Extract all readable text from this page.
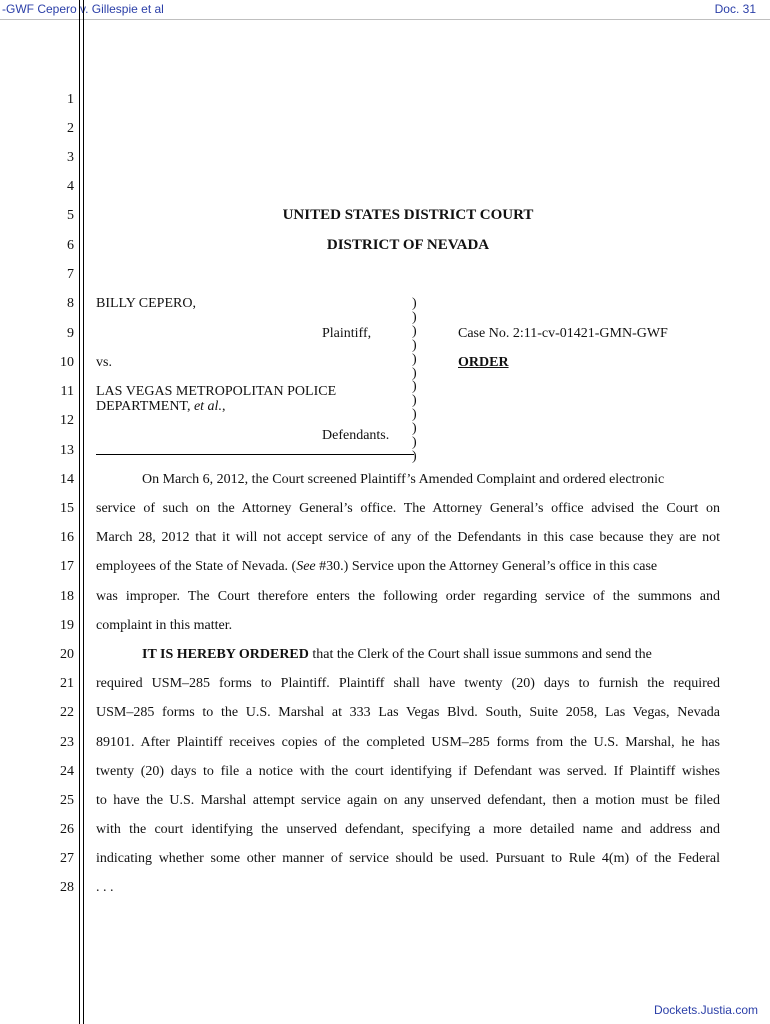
-GWF Cepero v. Gillespie et al	Doc. 31
1
2
3
4
5
6
7
8
9
10
11
12
13
14
15
16
17
18
19
20
21
22
23
24
25
26
27
28
UNITED STATES DISTRICT COURT
DISTRICT OF NEVADA
BILLY CEPERO,
Plaintiff,
vs.
LAS VEGAS METROPOLITAN POLICE
DEPARTMENT, et al.,
Defendants.
)
)
)
)
)
)
)
)
)
)
)
)
Case No. 2:11-cv-01421-GMN-GWF
ORDER
On March 6, 2012, the Court screened Plaintiff’s Amended Complaint and ordered electronic
service of such on the Attorney General’s office. The Attorney General’s office advised the Court on
March 28, 2012 that it will not accept service of any of the Defendants in this case because they are not
employees of the State of Nevada. (See #30.) Service upon the Attorney General’s office in this case
was improper. The Court therefore enters the following order regarding service of the summons and
complaint in this matter.
IT IS HEREBY ORDERED that the Clerk of the Court shall issue summons and send the
required USM–285 forms to Plaintiff. Plaintiff shall have twenty (20) days to furnish the required
USM–285 forms to the U.S. Marshal at 333 Las Vegas Blvd. South, Suite 2058, Las Vegas, Nevada
89101. After Plaintiff receives copies of the completed USM–285 forms from the U.S. Marshal, he has
twenty (20) days to file a notice with the court identifying if Defendant was served. If Plaintiff wishes
to have the U.S. Marshal attempt service again on any unserved defendant, then a motion must be filed
with the court identifying the unserved defendant, specifying a more detailed name and address and
indicating whether some other manner of service should be used. Pursuant to Rule 4(m) of the Federal
. . .
Dockets.Justia.com
